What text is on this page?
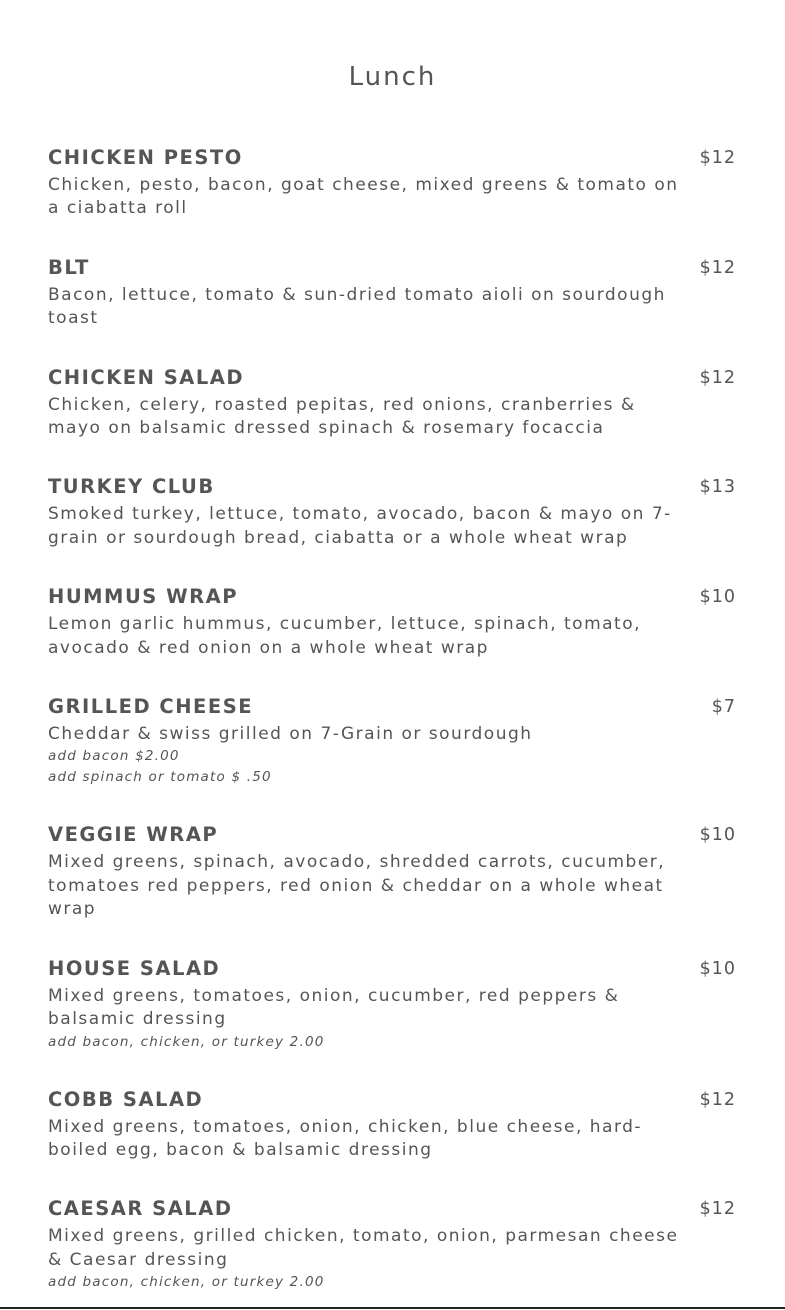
Lunch
CHICKEN PESTO	$12
Chicken, pesto, bacon, goat cheese, mixed greens & tomato on a ciabatta roll
BLT	$12
Bacon, lettuce, tomato & sun-dried tomato aioli on sourdough toast
CHICKEN SALAD	$12
Chicken, celery, roasted pepitas, red onions, cranberries & mayo on balsamic dressed spinach & rosemary focaccia
TURKEY CLUB	$13
Smoked turkey, lettuce, tomato, avocado, bacon & mayo on 7-grain or sourdough bread, ciabatta or a whole wheat wrap
HUMMUS WRAP	$10
Lemon garlic hummus, cucumber, lettuce, spinach, tomato, avocado & red onion on a whole wheat wrap
GRILLED CHEESE	$7
Cheddar & swiss grilled on 7-Grain or sourdough
add bacon $2.00
add spinach or tomato $ .50
VEGGIE WRAP	$10
Mixed greens, spinach, avocado, shredded carrots, cucumber, tomatoes red peppers, red onion & cheddar on a whole wheat wrap
HOUSE SALAD	$10
Mixed greens, tomatoes, onion, cucumber, red peppers & balsamic dressing
add bacon, chicken, or turkey 2.00
COBB SALAD	$12
Mixed greens, tomatoes, onion, chicken, blue cheese, hard-boiled egg, bacon & balsamic dressing
CAESAR SALAD	$12
Mixed greens, grilled chicken, tomato, onion, parmesan cheese & Caesar dressing
add bacon, chicken, or turkey 2.00
